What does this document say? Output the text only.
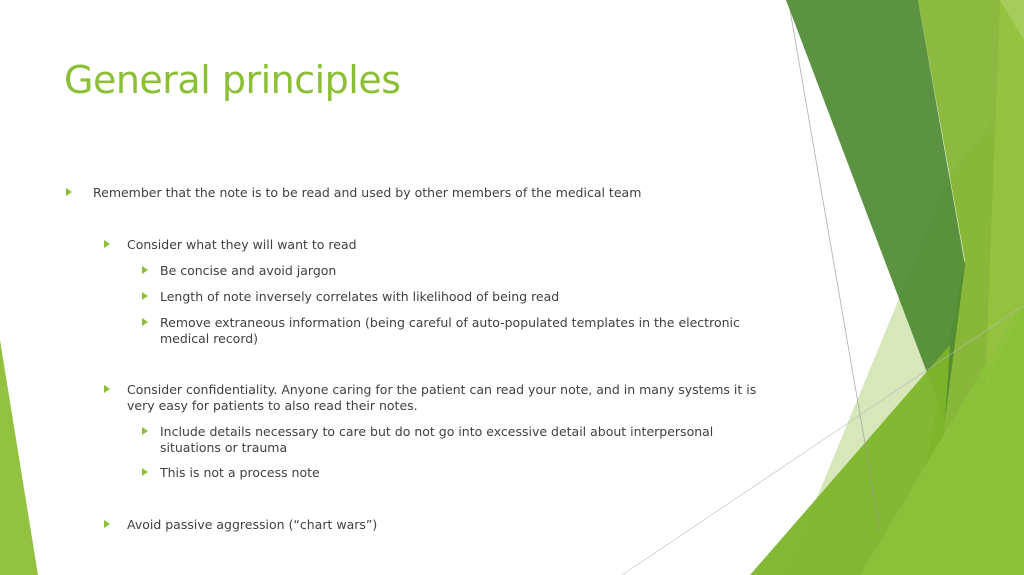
General principles
Remember that the note is to be read and used by other members of the medical team
Consider what they will want to read
Be concise and avoid jargon
Length of note inversely correlates with likelihood of being read
Remove extraneous information (being careful of auto-populated templates in the electronic medical record)
Consider confidentiality. Anyone caring for the patient can read your note, and in many systems it is very easy for patients to also read their notes.
Include details necessary to care but do not go into excessive detail about interpersonal situations or trauma
This is not a process note
Avoid passive aggression (“chart wars”)
